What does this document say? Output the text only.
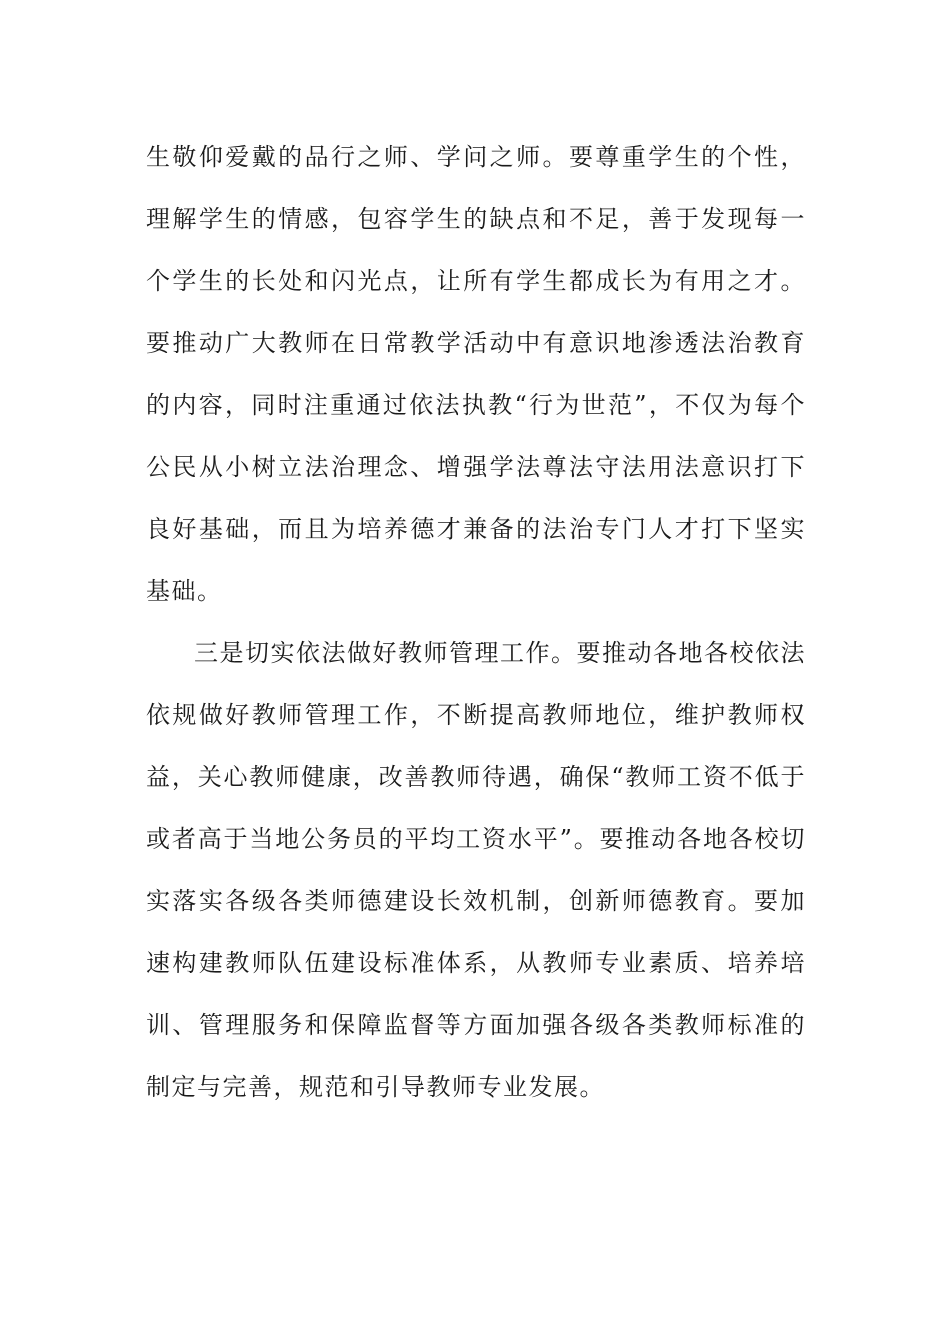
生敬仰爱戴的品行之师、学问之师。要尊重学生的个性，理解学生的情感，包容学生的缺点和不足，善于发现每一个学生的长处和闪光点，让所有学生都成长为有用之才。要推动广大教师在日常教学活动中有意识地渗透法治教育的内容，同时注重通过依法执教“行为世范”，不仅为每个公民从小树立法治理念、增强学法尊法守法用法意识打下良好基础，而且为培养德才兼备的法治专门人才打下坚实基础。

三是切实依法做好教师管理工作。要推动各地各校依法依规做好教师管理工作，不断提高教师地位，维护教师权益，关心教师健康，改善教师待遇，确保“教师工资不低于或者高于当地公务员的平均工资水平”。要推动各地各校切实落实各级各类师德建设长效机制，创新师德教育。要加速构建教师队伍建设标准体系，从教师专业素质、培养培训、管理服务和保障监督等方面加强各级各类教师标准的制定与完善，规范和引导教师专业发展。
